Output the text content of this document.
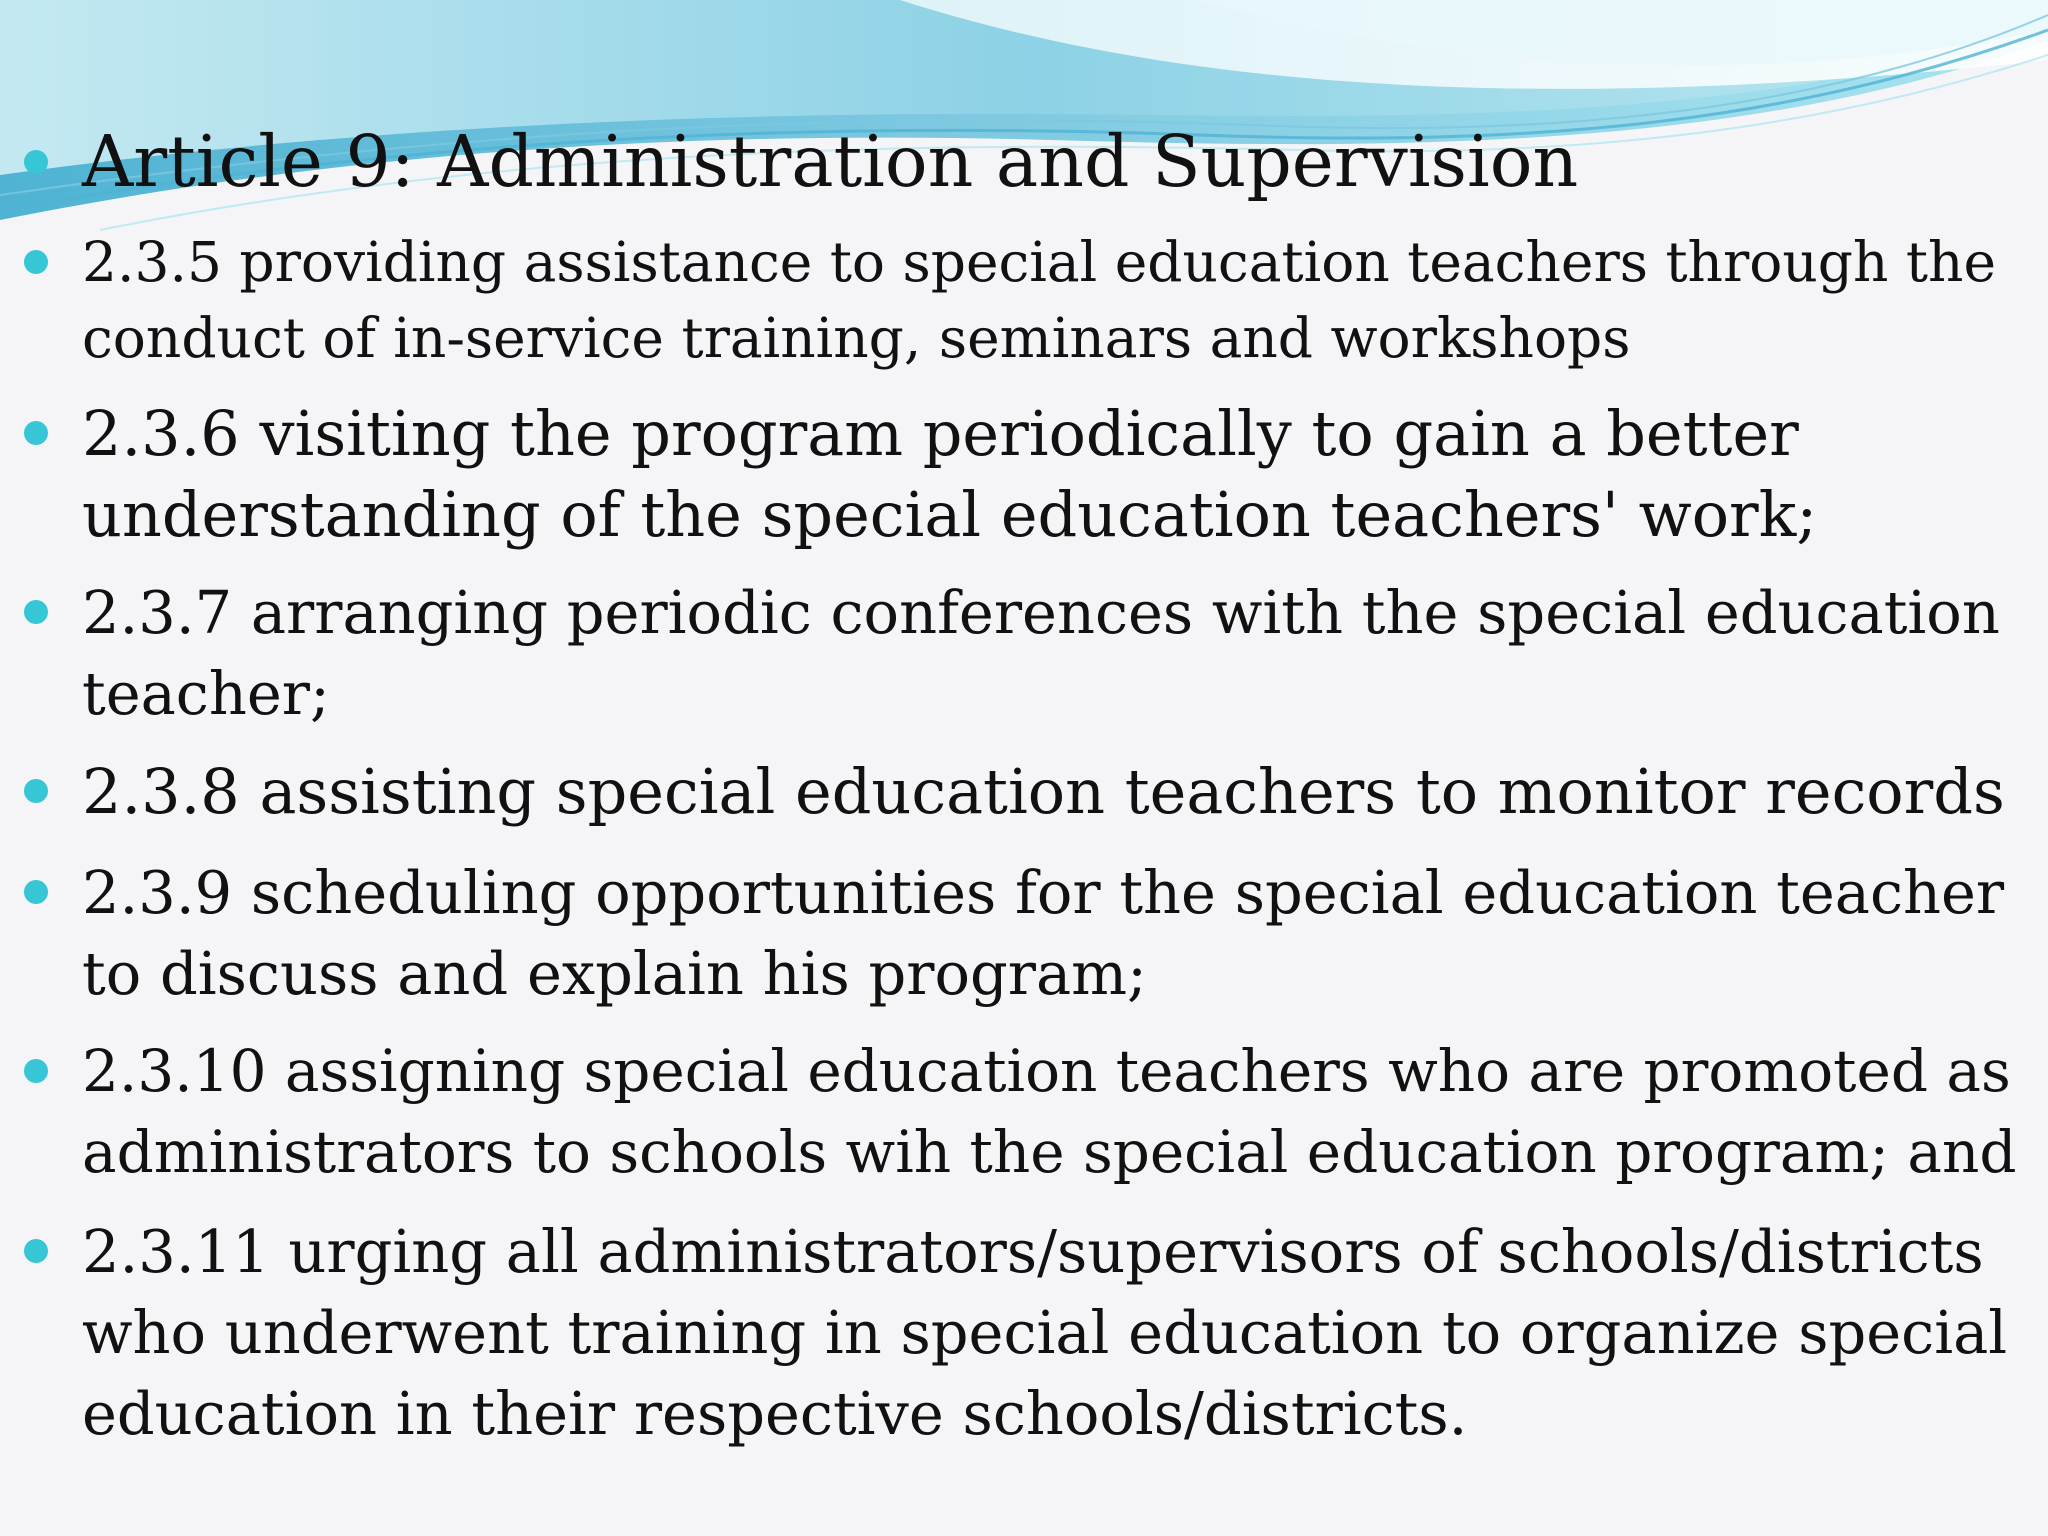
Article 9: Administration and Supervision
2.3.5 providing assistance to special education teachers through the
conduct of in-service training, seminars and workshops
2.3.6 visiting the program periodically to gain a better
understanding of the special education teachers' work;
2.3.7 arranging periodic conferences with the special education
teacher;
2.3.8 assisting special education teachers to monitor records
2.3.9 scheduling opportunities for the special education teacher
to discuss and explain his program;
2.3.10 assigning special education teachers who are promoted as
administrators to schools wih the special education program; and
2.3.11 urging all administrators/supervisors of schools/districts
who underwent training in special education to organize special
education in their respective schools/districts.
